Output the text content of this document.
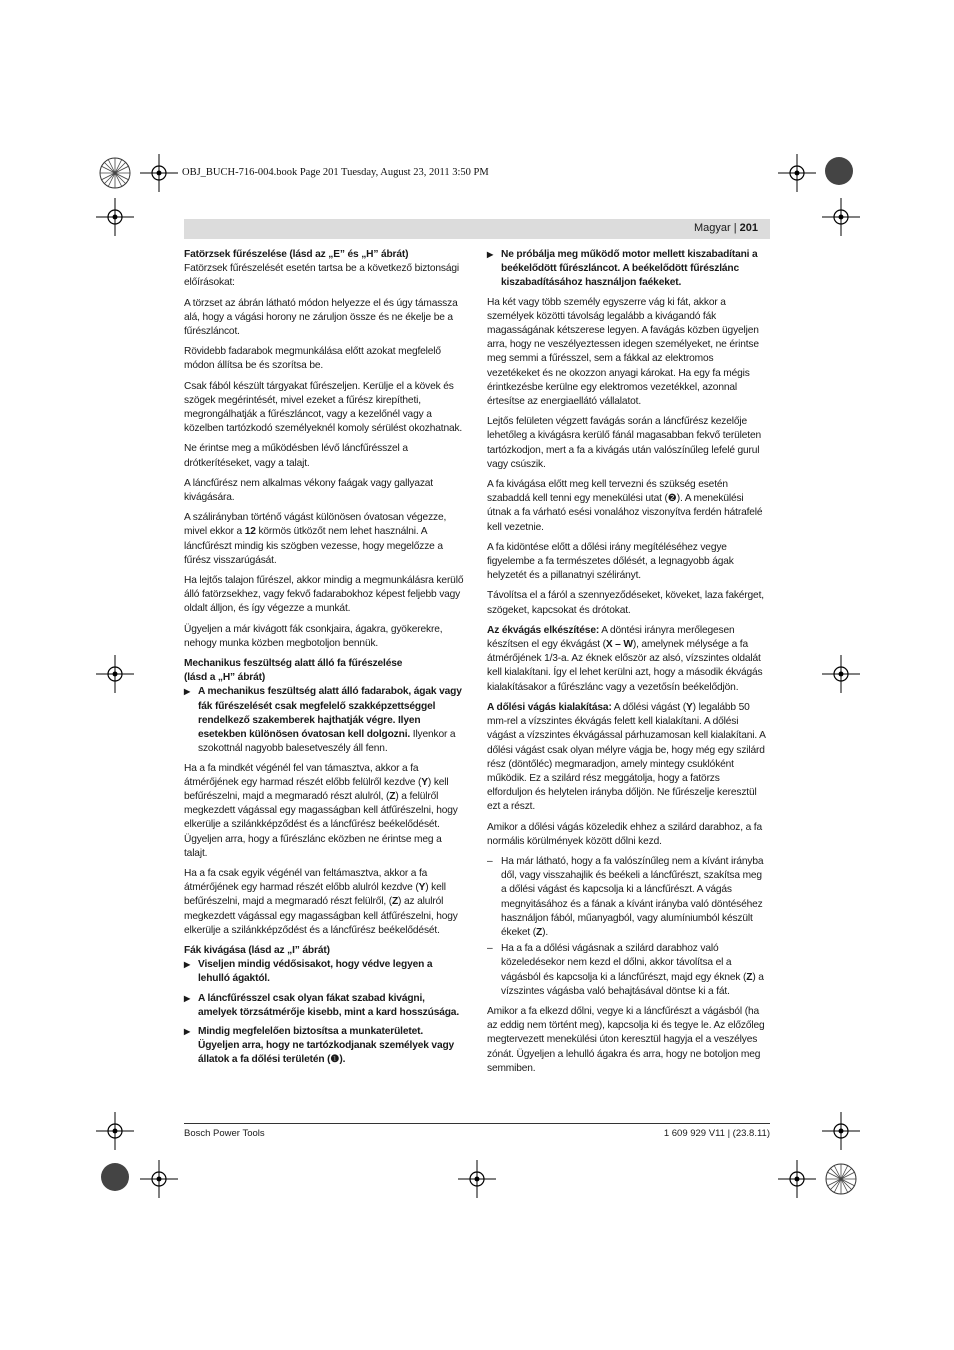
OBJ_BUCH-716-004.book Page 201 Tuesday, August 23, 2011 3:50 PM
Magyar | 201
Fatörzsek fűrészelése (lásd az „E” és „H” ábrát)

Fatörzsek fűrészelését esetén tartsa be a következő biztonsági előírásokat:

A törzset az ábrán látható módon helyezze el és úgy támassza alá, hogy a vágási horony ne záruljon össze és ne ékelje be a fűrészláncot.

Rövidebb fadarabok megmunkálása előtt azokat megfelelő módon állítsa be és szorítsa be.

Csak fából készült tárgyakat fűrészeljen. Kerülje el a kövek és szögek megérintését, mivel ezeket a fűrész kirepítheti, megrongálhatják a fűrészláncot, vagy a kezelőnél vagy a közelben tartózkodó személyeknél komoly sérülést okozhatnak.

Ne érintse meg a működésben lévő láncfűrésszel a drótkerítéseket, vagy a talajt.

A láncfűrész nem alkalmas vékony faágak vagy gallyazat kivágására.

A szálirányban történő vágást különösen óvatosan végezze, mivel ekkor a 12 körmös ütközőt nem lehet használni. A láncfűrészt mindig kis szögben vezesse, hogy megelőzze a fűrész visszarúgását.

Ha lejtős talajon fűrészel, akkor mindig a megmunkálásra kerülő álló fatörzsekhez, vagy fekvő fadarabokhoz képest feljebb vagy oldalt álljon, és így végezze a munkát.

Ügyeljen a már kivágott fák csonkjaira, ágakra, gyökerekre, nehogy munka közben megbotoljon bennük.

Mechanikus feszültség alatt álló fa fűrészelése
(lásd a „H” ábrát)
▶ A mechanikus feszültség alatt álló fadarabok, ágak vagy fák fűrészelését csak megfelelő szakképzettséggel rendelkező szakemberek hajthatják végre. Ilyen esetekben különösen óvatosan kell dolgozni. Ilyenkor a szokottnál nagyobb balesetveszély áll fenn.

Ha a fa mindkét végénél fel van támasztva, akkor a fa átmérőjének egy harmad részét előbb felülről kezdve (Y) kell befűrészelni, majd a megmaradó részt alulról, (Z) a felülről megkezdett vágással egy magasságban kell átfűrészelni, hogy elkerülje a szilánkképződést és a láncfűrész beékelődését. Ügyeljen arra, hogy a fűrészlánc eközben ne érintse meg a talajt.

Ha a fa csak egyik végénél van feltámasztva, akkor a fa átmérőjének egy harmad részét előbb alulról kezdve (Y) kell befűrészelni, majd a megmaradó részt felülről, (Z) az alulról megkezdett vágással egy magasságban kell átfűrészelni, hogy elkerülje a szilánkképződést és a láncfűrész beékelődését.

Fák kivágása (lásd az „I” ábrát)
▶ Viseljen mindig védősisakot, hogy védve legyen a lehulló ágaktól.
▶ A láncfűrésszel csak olyan fákat szabad kivágni, amelyek törzsátmérője kisebb, mint a kard hosszúsága.
▶ Mindig megfelelően biztosítsa a munkaterületet. Ügyeljen arra, hogy ne tartózkodjanak személyek vagy állatok a fa dőlési területén (❶).
▶ Ne próbálja meg működő motor mellett kiszabadítani a beékelődött fűrészláncot. A beékelődött fűrészlánc kiszabadításához használjon faékeket.

Ha két vagy több személy egyszerre vág ki fát, akkor a személyek közötti távolság legalább a kivágandó fák magasságának kétszerese legyen. A favágás közben ügyeljen arra, hogy ne veszélyeztessen idegen személyeket, ne érintse meg semmi a fűrésszel, sem a fákkal az elektromos vezetékeket és ne okozzon anyagi károkat. Ha egy fa mégis érintkezésbe kerülne egy elektromos vezetékkel, azonnal értesítse az energiaellátó vállalatot.

Lejtős felületen végzett favágás során a láncfűrész kezelője lehetőleg a kivágásra kerülő fánál magasabban fekvő területen tartózkodjon, mert a fa a kivágás után valószínűleg lefelé gurul vagy csúszik.

A fa kivágása előtt meg kell tervezni és szükség esetén szabaddá kell tenni egy menekülési utat (❷). A menekülési útnak a fa várható esési vonalához viszonyítva ferdén hátrafelé kell vezetnie.

A fa kidöntése előtt a dőlési irány megítéléséhez vegye figyelembe a fa természetes dőlését, a legnagyobb ágak helyzetét és a pillanatnyi szélirányt.

Távolítsa el a fáról a szennyeződéseket, köveket, laza fakérget, szögeket, kapcsokat és drótokat.

Az ékvágás elkészítése: A döntési irányra merőlegesen készítsen el egy ékvágást (X – W), amelynek mélysége a fa átmérőjének 1/3-a. Az éknek először az alsó, vízszintes oldalát kell kialakítani. Így el lehet kerülni azt, hogy a második ékvágás kialakításakor a fűrészlánc vagy a vezetősín beékelődjön.

A dőlési vágás kialakítása: A dőlési vágást (Y) legalább 50 mm-rel a vízszintes ékvágás felett kell kialakítani. A dőlési vágást a vízszintes ékvágással párhuzamosan kell kialakítani. A dőlési vágást csak olyan mélyre vágja be, hogy még egy szilárd rész (döntőléc) megmaradjon, amely mintegy csuklóként működik. Ez a szilárd rész meggátolja, hogy a fatörzs elforduljon és helytelen irányba dőljön. Ne fűrészelje keresztül ezt a részt.

Amikor a dőlési vágás közeledik ehhez a szilárd darabhoz, a fa normális körülmények között dőlni kezd.

– Ha már látható, hogy a fa valószínűleg nem a kívánt irányba dől, vagy visszahajlik és beékeli a láncfűrészt, szakítsa meg a dőlési vágást és kapcsolja ki a láncfűrészt. A vágás megnyitásához és a fának a kívánt irányba való döntéséhez használjon fából, műanyagból, vagy alumíniumból készült ékeket (Z).
– Ha a fa a dőlési vágásnak a szilárd darabhoz való közeledésekor nem kezd el dőlni, akkor távolítsa el a vágásból és kapcsolja ki a láncfűrészt, majd egy éknek (Z) a vízszintes vágásba való behajtásával döntse ki a fát.

Amikor a fa elkezd dőlni, vegye ki a láncfűrészt a vágásból (ha az eddig nem történt meg), kapcsolja ki és tegye le. Az előzőleg megtervezett menekülési úton keresztül hagyja el a veszélyes zónát. Ügyeljen a lehulló ágakra és arra, hogy ne botoljon meg semmiben.

Bosch Power Tools	1 609 929 V11 | (23.8.11)
